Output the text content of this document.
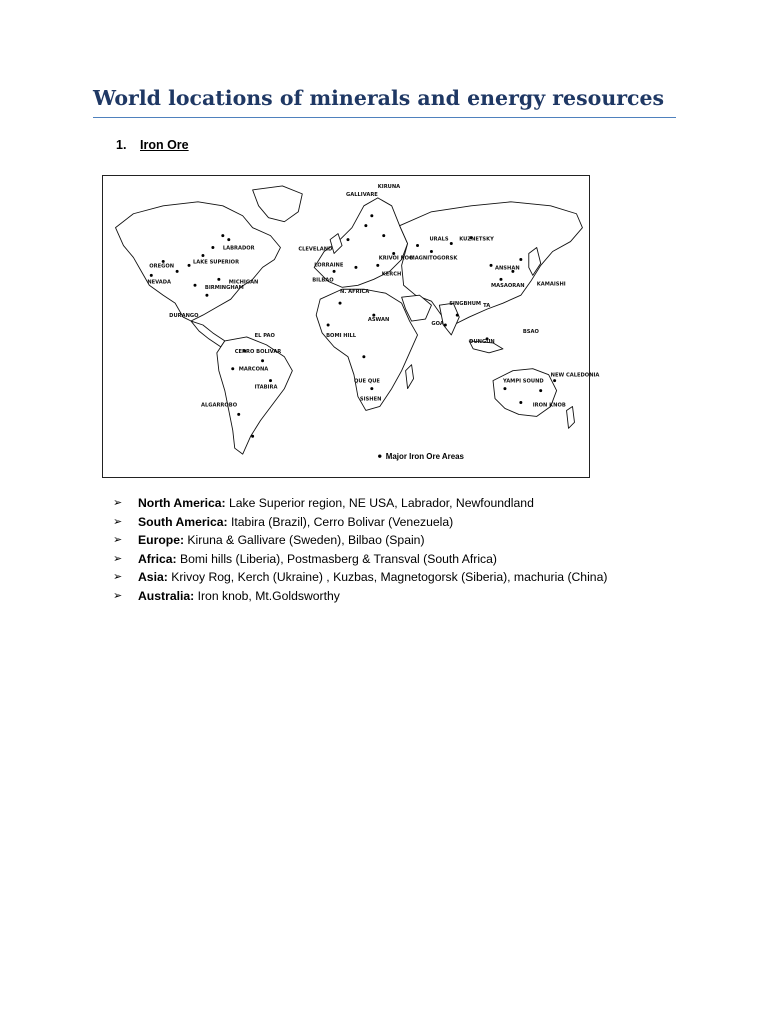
World locations of minerals and energy resources
1. Iron Ore
KIRUNA
GALLIVARE
KUZNETSKY
URALS
LABRADOR	CLEVELAND
KRIVOI ROG
MAGNITOGORSK
LAKE SUPERIOR	LORRAINE
KERCH
ANSHAN
OREGON
MICHIGAN
BIRMINGHAM
NEVADA	BILBAO
N. AFRICA
KAMAISHI
MASAORAN
SINGBHUM
DURANGO
ASWAN
TA
GOA
EL PAO	BOMI HILL
CERRO BOLIVAR
DUNGUN
BSAO
MARCONA
NEW CALEDONIA
QUE QUE
ITABIRA
YAMPI SOUND
SISHEN
ALGARROBO	IRON KNOB
Major Iron Ore Areas
➢ North America: Lake Superior region, NE USA, Labrador, Newfoundland
➢ South America: Itabira (Brazil), Cerro Bolivar (Venezuela)
➢ Europe: Kiruna & Gallivare (Sweden), Bilbao (Spain)
➢ Africa: Bomi hills (Liberia), Postmasberg & Transval (South Africa)
➢ Asia: Krivoy Rog, Kerch (Ukraine) , Kuzbas, Magnetogorsk (Siberia), machuria (China)
➢ Australia: Iron knob, Mt.Goldsworthy
